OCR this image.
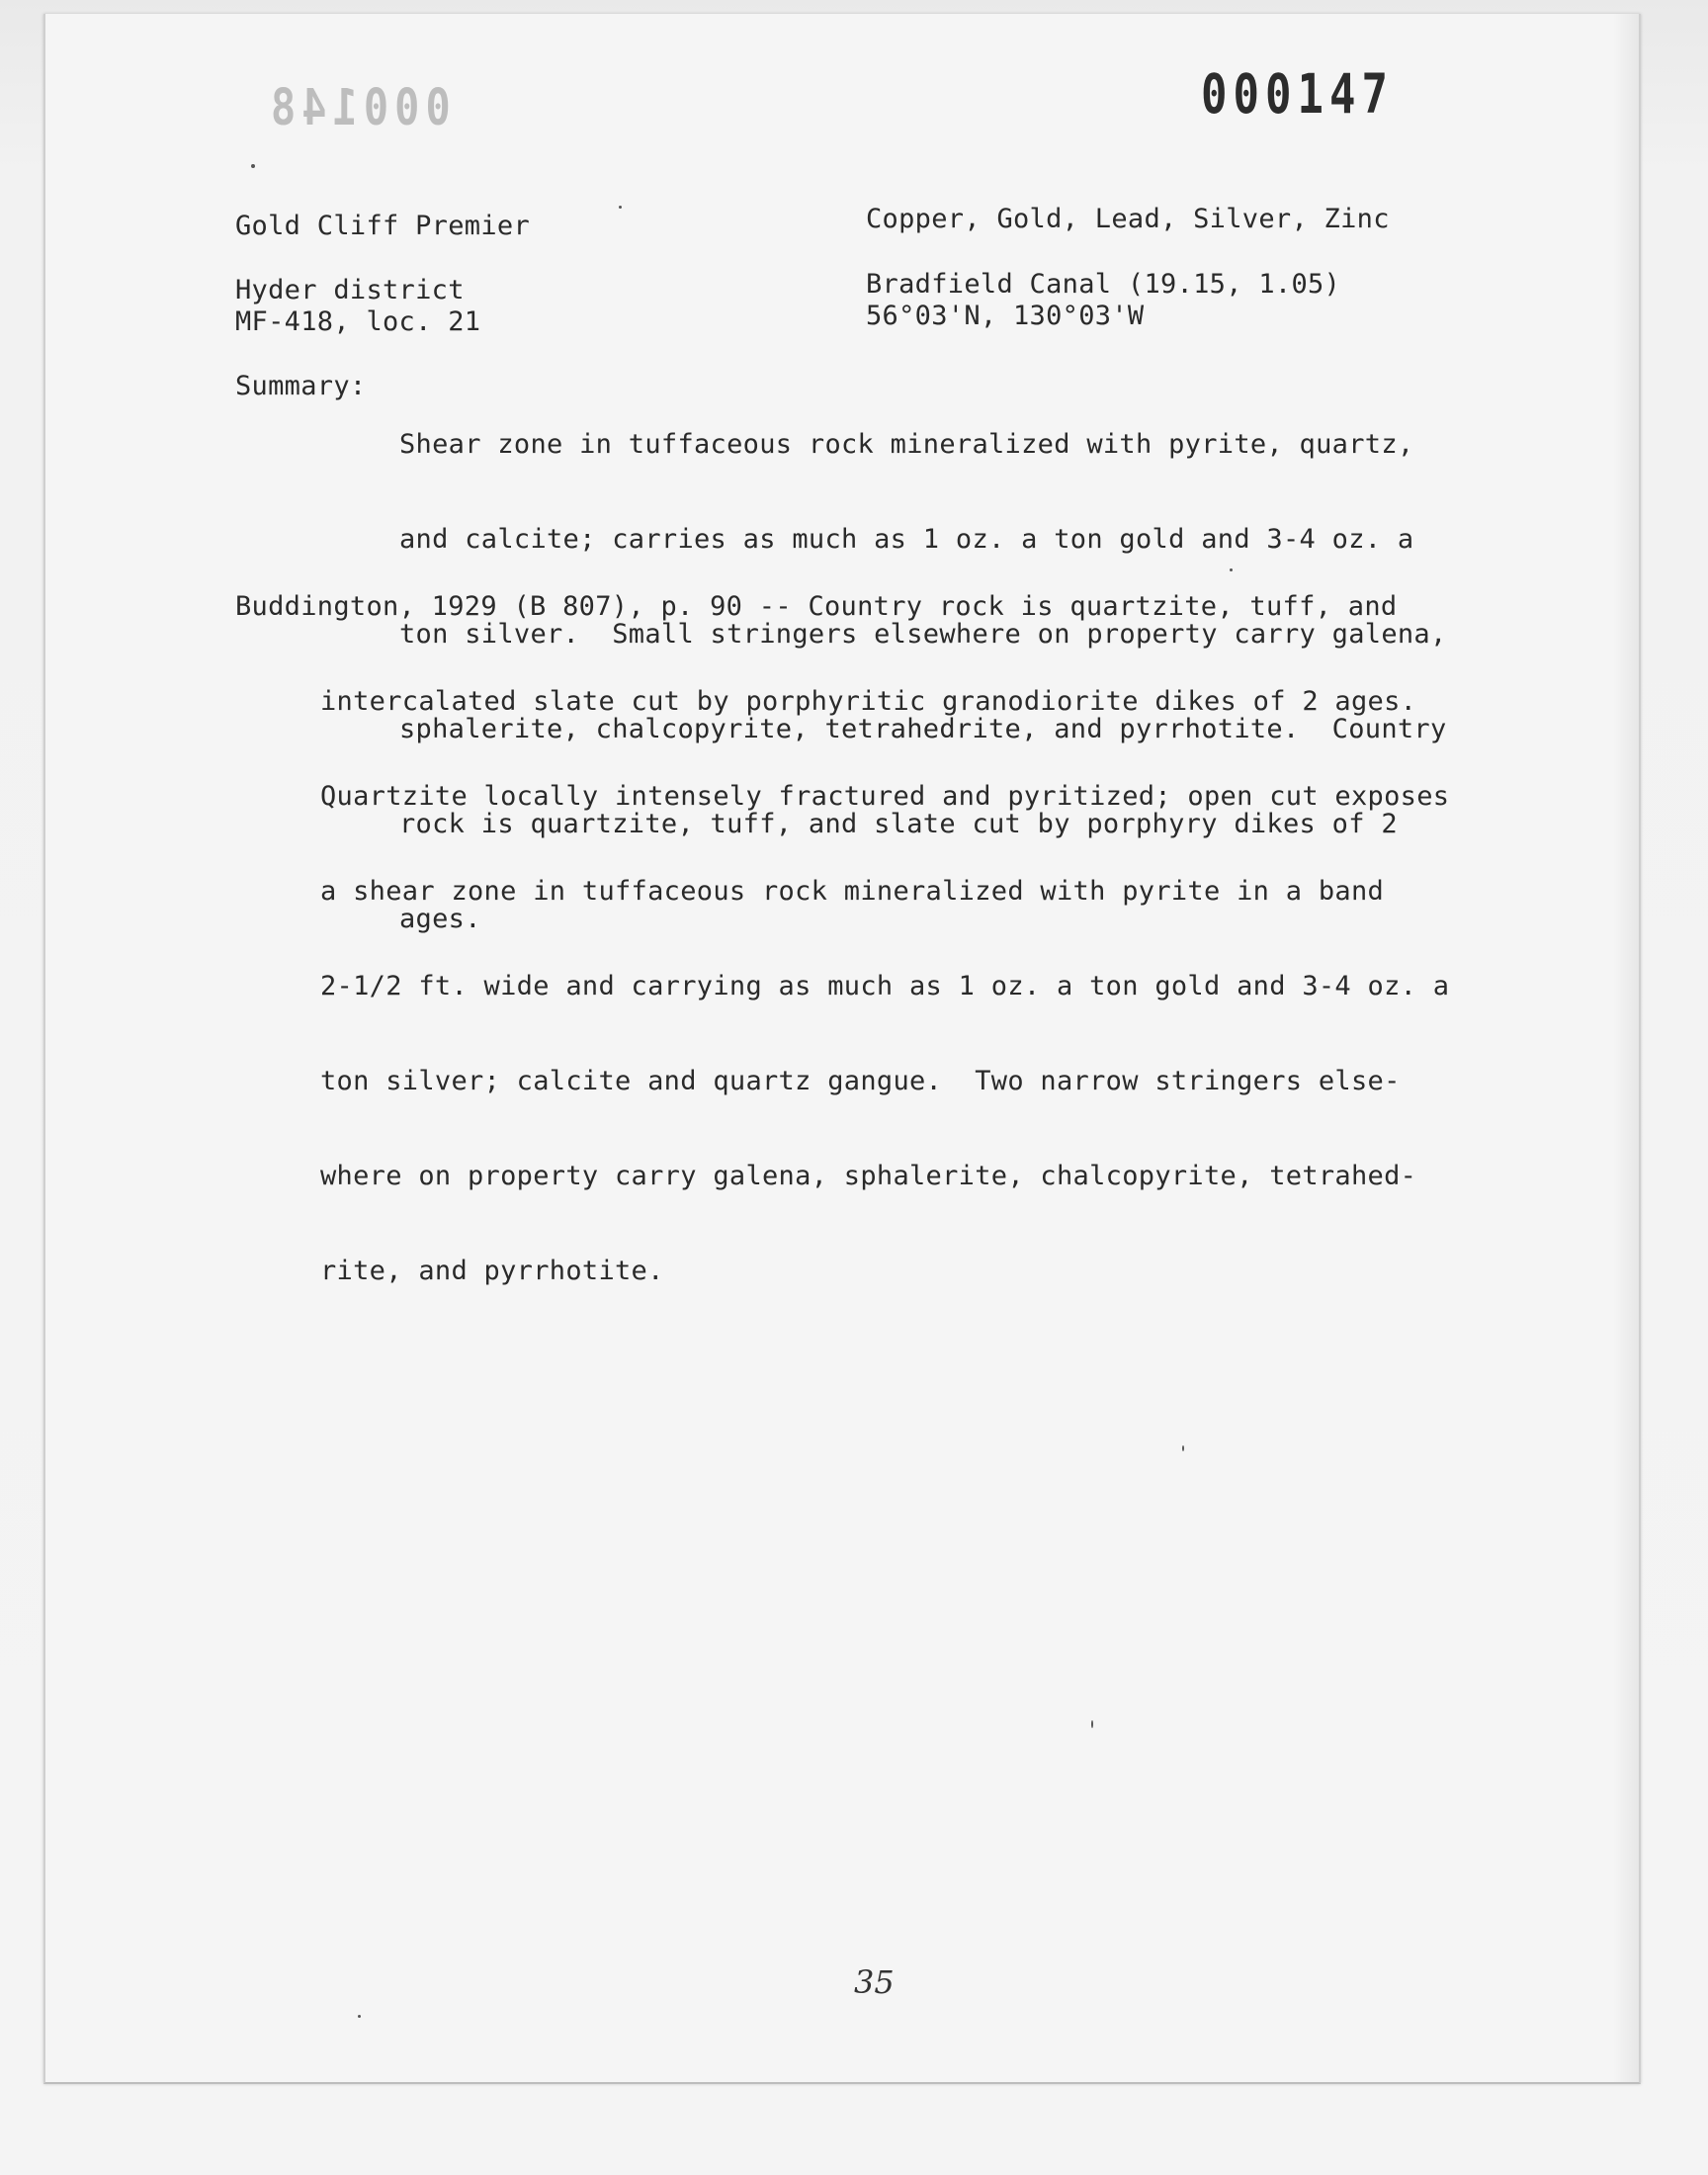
000148	000147
Gold Cliff Premier
Hyder district
MF-418, loc. 21
Copper, Gold, Lead, Silver, Zinc
Bradfield Canal (19.15, 1.05)
56°03'N, 130°03'W
Summary:

Shear zone in tuffaceous rock mineralized with pyrite, quartz,

and calcite; carries as much as 1 oz. a ton gold and 3-4 oz. a

ton silver.  Small stringers elsewhere on property carry galena,

sphalerite, chalcopyrite, tetrahedrite, and pyrrhotite.  Country

rock is quartzite, tuff, and slate cut by porphyry dikes of 2

ages.

Buddington, 1929 (B 807), p. 90 -- Country rock is quartzite, tuff, and

intercalated slate cut by porphyritic granodiorite dikes of 2 ages.

Quartzite locally intensely fractured and pyritized; open cut exposes

a shear zone in tuffaceous rock mineralized with pyrite in a band

2-1/2 ft. wide and carrying as much as 1 oz. a ton gold and 3-4 oz. a

ton silver; calcite and quartz gangue.  Two narrow stringers else-

where on property carry galena, sphalerite, chalcopyrite, tetrahed-

rite, and pyrrhotite.

35
